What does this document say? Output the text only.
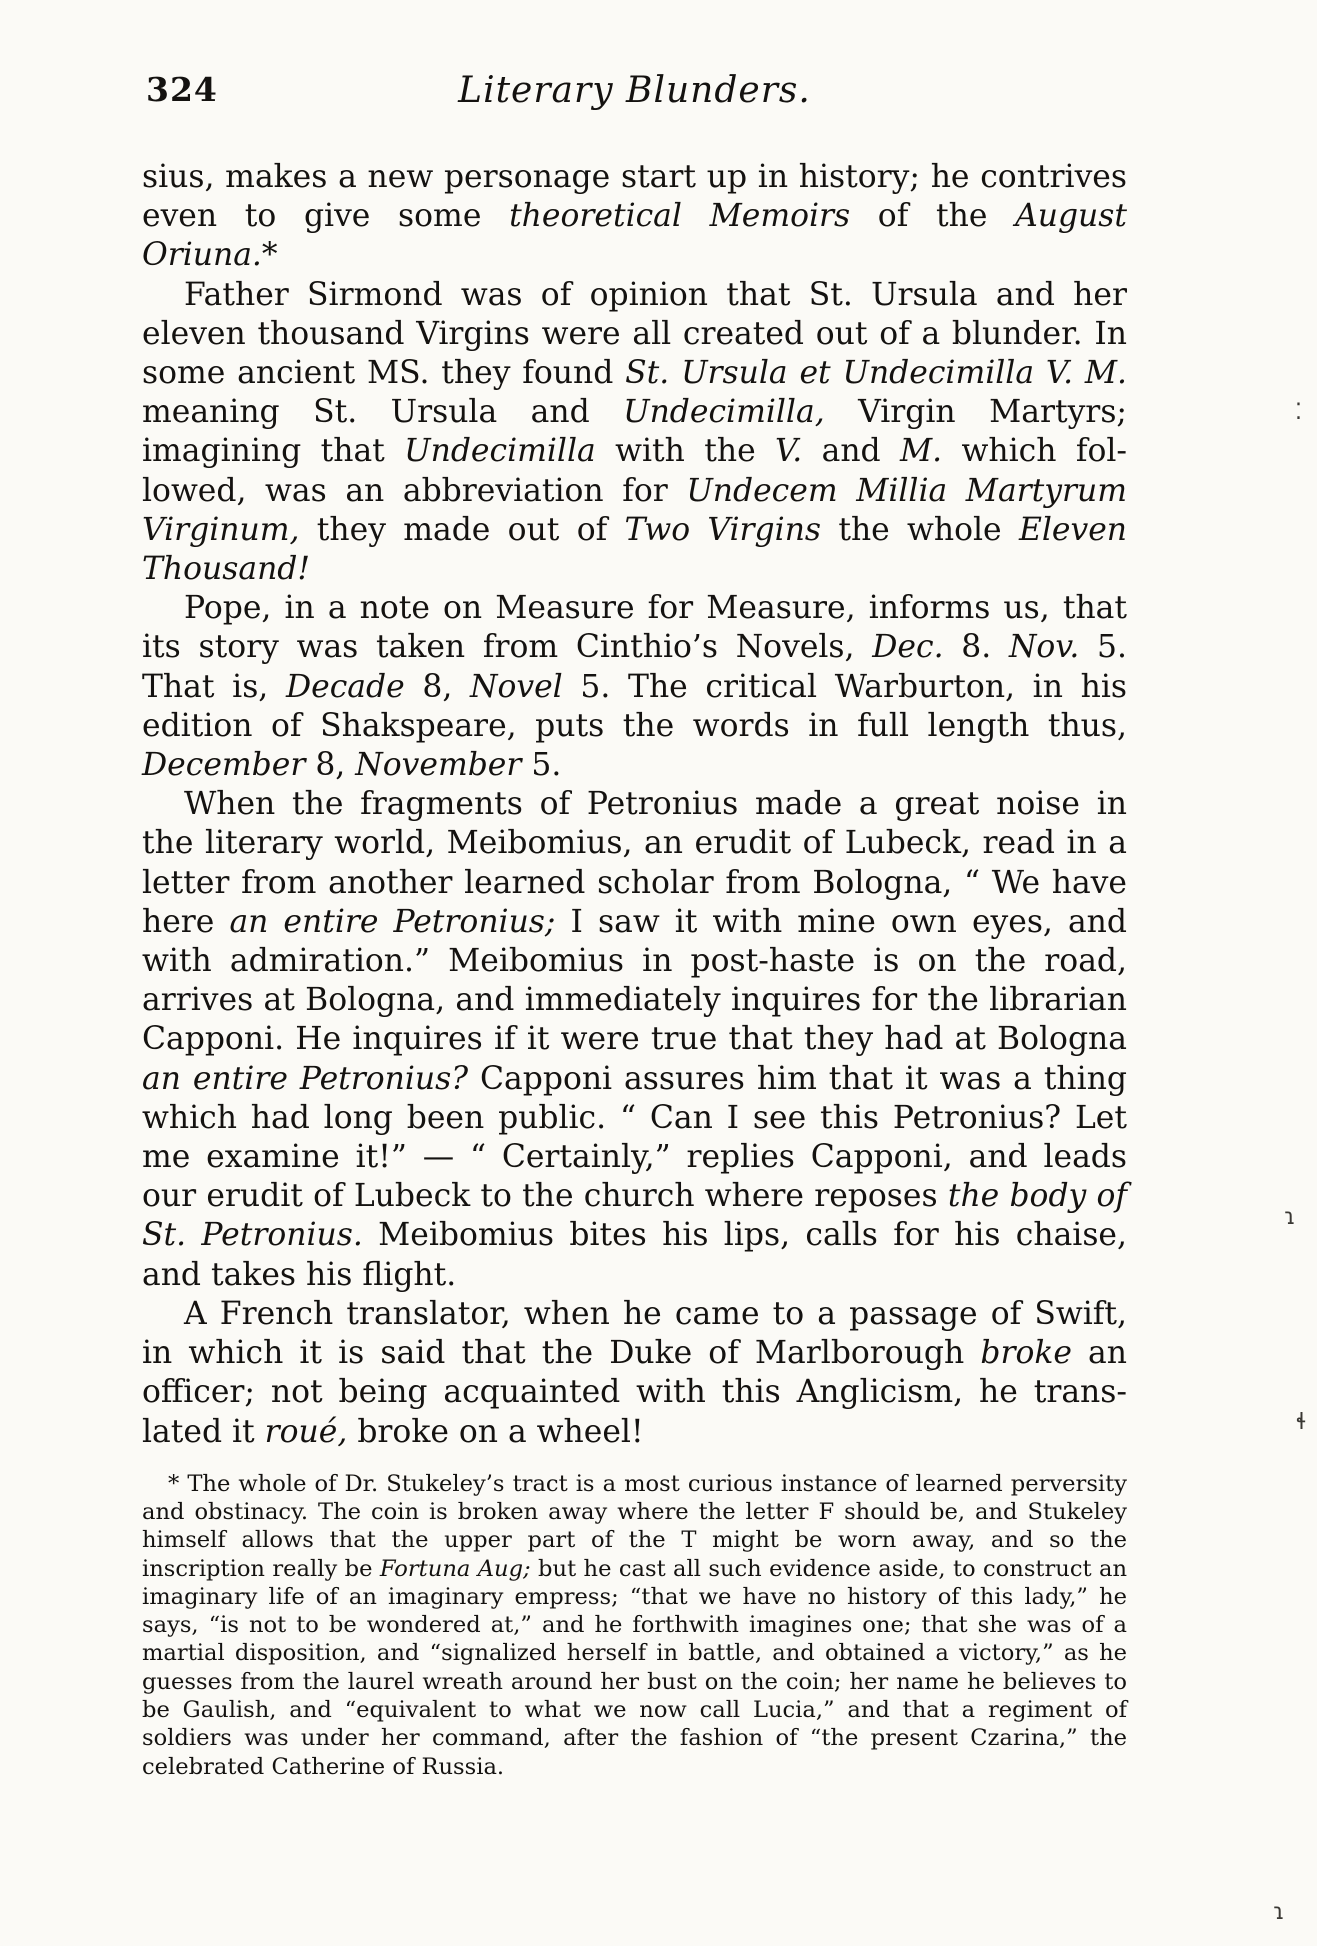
324	Literary Blunders.

sius, makes a new personage start up in history; he contrives even to give some theoretical Memoirs of the August Oriuna.*

Father Sirmond was of opinion that St. Ursula and her eleven thousand Virgins were all created out of a blunder. In some ancient MS. they found St. Ursula et Undecimilla V. M. meaning St. Ursula and Undecimilla, Virgin Martyrs; imagining that Undecimilla with the V. and M. which followed, was an abbreviation for Undecem Millia Martyrum Virginum, they made out of Two Virgins the whole Eleven Thousand!

Pope, in a note on Measure for Measure, informs us, that its story was taken from Cinthio’s Novels, Dec. 8. Nov. 5. That is, Decade 8, Novel 5. The critical Warburton, in his edition of Shakspeare, puts the words in full length thus, December 8, November 5.

When the fragments of Petronius made a great noise in the literary world, Meibomius, an erudit of Lubeck, read in a letter from another learned scholar from Bologna, “ We have here an entire Petronius; I saw it with mine own eyes, and with admiration.” Meibomius in post-haste is on the road, arrives at Bologna, and immediately inquires for the librarian Capponi. He inquires if it were true that they had at Bologna an entire Petronius? Capponi assures him that it was a thing which had long been public. “ Can I see this Petronius? Let me examine it!” — “ Certainly,” replies Capponi, and leads our erudit of Lubeck to the church where reposes the body of St. Petronius. Meibomius bites his lips, calls for his chaise, and takes his flight.

A French translator, when he came to a passage of Swift, in which it is said that the Duke of Marlborough broke an officer; not being acquainted with this Anglicism, he translated it roué, broke on a wheel!

* The whole of Dr. Stukeley’s tract is a most curious instance of learned perversity and obstinacy. The coin is broken away where the letter F should be, and Stukeley himself allows that the upper part of the T might be worn away, and so the inscription really be Fortuna Aug; but he cast all such evidence aside, to construct an imaginary life of an imaginary empress; “that we have no history of this lady,” he says, “is not to be wondered at,” and he forthwith imagines one; that she was of a martial disposition, and “signalized herself in battle, and obtained a victory,” as he guesses from the laurel wreath around her bust on the coin; her name he believes to be Gaulish, and “equivalent to what we now call Lucia,” and that a regiment of soldiers was under her command, after the fashion of “the present Czarina,” the celebrated Catherine of Russia.
⁚
ɿ
ɬ
ɿ
